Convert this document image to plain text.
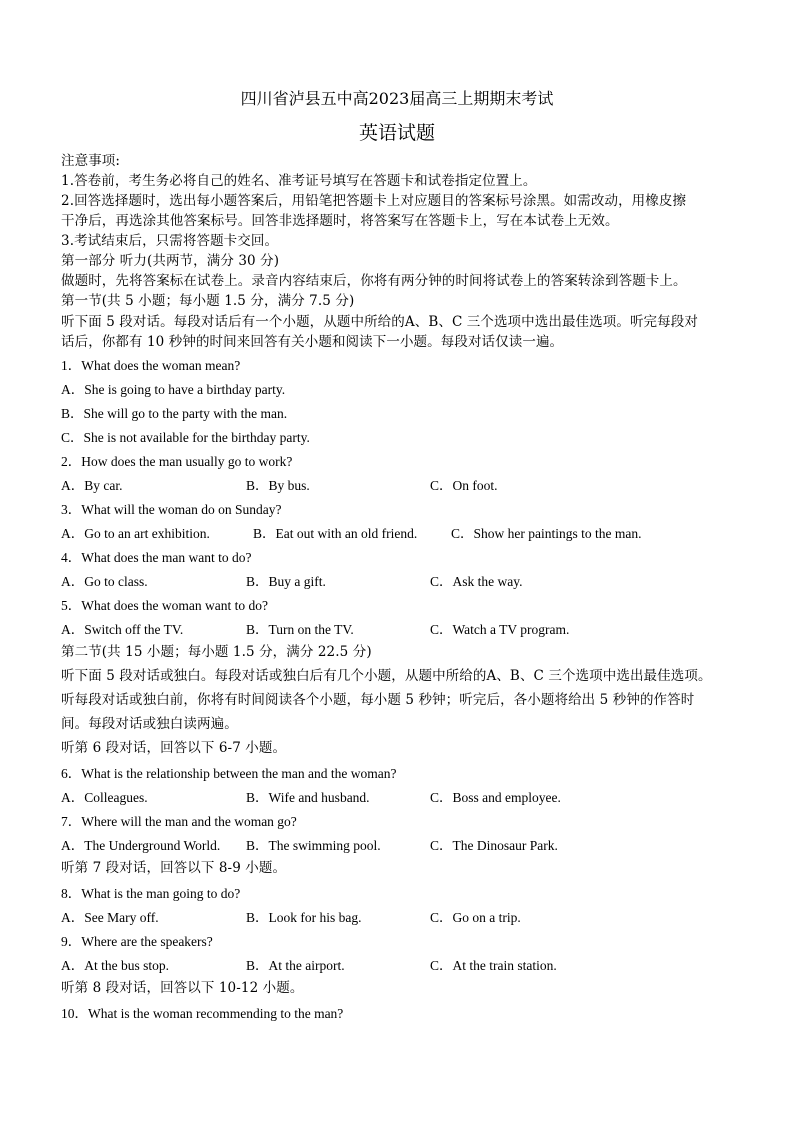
四川省泸县五中高2023届高三上期期末考试
英语试题
注意事项:
1.答卷前，考生务必将自己的姓名、准考证号填写在答题卡和试卷指定位置上。
2.回答选择题时，选出每小题答案后，用铅笔把答题卡上对应题目的答案标号涂黑。如需改动，用橡皮擦
干净后，再选涂其他答案标号。回答非选择题时，将答案写在答题卡上，写在本试卷上无效。
3.考试结束后，只需将答题卡交回。
第一部分 听力(共两节，满分 30 分)
做题时，先将答案标在试卷上。录音内容结束后，你将有两分钟的时间将试卷上的答案转涂到答题卡上。
第一节(共 5 小题；每小题 1.5 分，满分 7.5 分)
听下面 5 段对话。每段对话后有一个小题，从题中所给的A、B、C 三个选项中选出最佳选项。听完每段对
话后，你都有 10 秒钟的时间来回答有关小题和阅读下一小题。每段对话仅读一遍。
1．What does the woman mean?
A．She is going to have a birthday party.
B．She will go to the party with the man.
C．She is not available for the birthday party.
2．How does the man usually go to work?
A．By car.	B．By bus.	C．On foot.
3．What will the woman do on Sunday?
A．Go to an art exhibition.	B．Eat out with an old friend.	C．Show her paintings to the man.
4．What does the man want to do?
A．Go to class.	B．Buy a gift.	C．Ask the way.
5．What does the woman want to do?
A．Switch off the TV.	B．Turn on the TV.	C．Watch a TV program.
第二节(共 15 小题；每小题 1.5 分，满分 22.5 分)
听下面 5 段对话或独白。每段对话或独白后有几个小题，从题中所给的A、B、C 三个选项中选出最佳选项。
听每段对话或独白前，你将有时间阅读各个小题，每小题 5 秒钟；听完后，各小题将给出 5 秒钟的作答时
间。每段对话或独白读两遍。
听第 6 段对话，回答以下 6-7 小题。
6．What is the relationship between the man and the woman?
A．Colleagues.	B．Wife and husband.	C．Boss and employee.
7．Where will the man and the woman go?
A．The Underground World. B．The swimming pool.	C．The Dinosaur Park.
听第 7 段对话，回答以下 8-9 小题。
8．What is the man going to do?
A．See Mary off.	B．Look for his bag.	C．Go on a trip.
9．Where are the speakers?
A．At the bus stop.	B．At the airport.	C．At the train station.
听第 8 段对话，回答以下 10-12 小题。
10．What is the woman recommending to the man?
